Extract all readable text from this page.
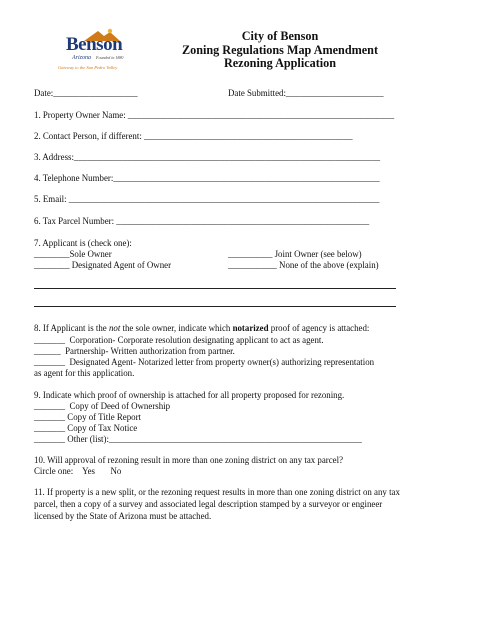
Benson
Arizona Founded in 1880
Gateway to the San Pedro Valley
City of Benson
Zoning Regulations Map Amendment
Rezoning Application
Date:___________________	Date Submitted:______________________
1. Property Owner Name: ____________________________________________________________
2. Contact Person, if different: _______________________________________________
3. Address:_____________________________________________________________________
4. Telephone Number:____________________________________________________________
5. Email: ______________________________________________________________________
6. Tax Parcel Number: _________________________________________________________
7. Applicant is (check one):
________Sole Owner	__________ Joint Owner (see below)
________ Designated Agent of Owner	___________ None of the above (explain)
8. If Applicant is the not the sole owner, indicate which notarized proof of agency is attached:
_______  Corporation- Corporate resolution designating applicant to act as agent.
______  Partnership- Written authorization from partner.
_______  Designated Agent- Notarized letter from property owner(s) authorizing representation
as agent for this application.
9. Indicate which proof of ownership is attached for all property proposed for rezoning.
_______  Copy of Deed of Ownership
_______ Copy of Title Report
_______ Copy of Tax Notice
_______ Other (list):_________________________________________________________
10. Will approval of rezoning result in more than one zoning district on any tax parcel?
Circle one: Yes No
11. If property is a new split, or the rezoning request results in more than one zoning district on any tax
parcel, then a copy of a survey and associated legal description stamped by a surveyor or engineer
licensed by the State of Arizona must be attached.
